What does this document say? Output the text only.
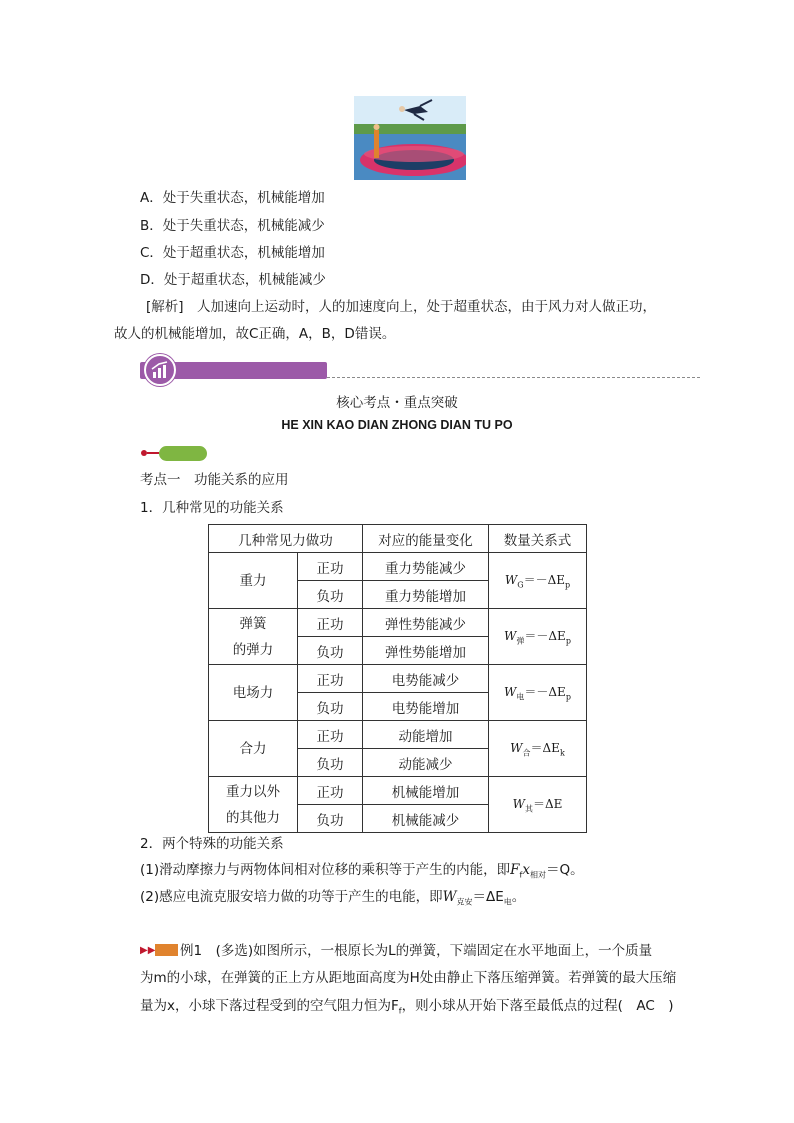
A．处于失重状态，机械能增加
B．处于失重状态，机械能减少
C．处于超重状态，机械能增加
D．处于超重状态，机械能减少
[解析]　人加速向上运动时，人的加速度向上，处于超重状态，由于风力对人做正功，
故人的机械能增加，故C正确，A，B，D错误。
核心考点・重点突破
HE XIN KAO DIAN ZHONG DIAN TU PO
考点一　功能关系的应用
1．几种常见的功能关系
几种常见力做功		对应的能量变化	数量关系式
重力	正功	重力势能减少	$W_G=-\Delta E_p$
	负功	重力势能增加	
弹簧
的弹力	正功	弹性势能减少	$W_弹=-\Delta E_p$
	负功	弹性势能增加	
电场力	正功	电势能减少	$W_电=-\Delta E_p$
	负功	电势能增加	
合力	正功	动能增加	$W_合=\Delta E_k$
	负功	动能减少	
重力以外
的其他力	正功	机械能增加	$W_其=\Delta E$
	负功	机械能减少	
2．两个特殊的功能关系
(1)滑动摩擦力与两物体间相对位移的乘积等于产生的内能，即$F_fx_{相对}=Q$。
(2)感应电流克服安培力做的功等于产生的电能，即$W_{克安}=\Delta E_电$。
▶▶ 例1　(多选)如图所示，一根原长为L的弹簧，下端固定在水平地面上，一个质量
为m的小球，在弹簧的正上方从距地面高度为H处由静止下落压缩弹簧。若弹簧的最大压缩
量为x，小球下落过程受到的空气阻力恒为$F_f$，则小球从开始下落至最低点的过程(　AC　)
